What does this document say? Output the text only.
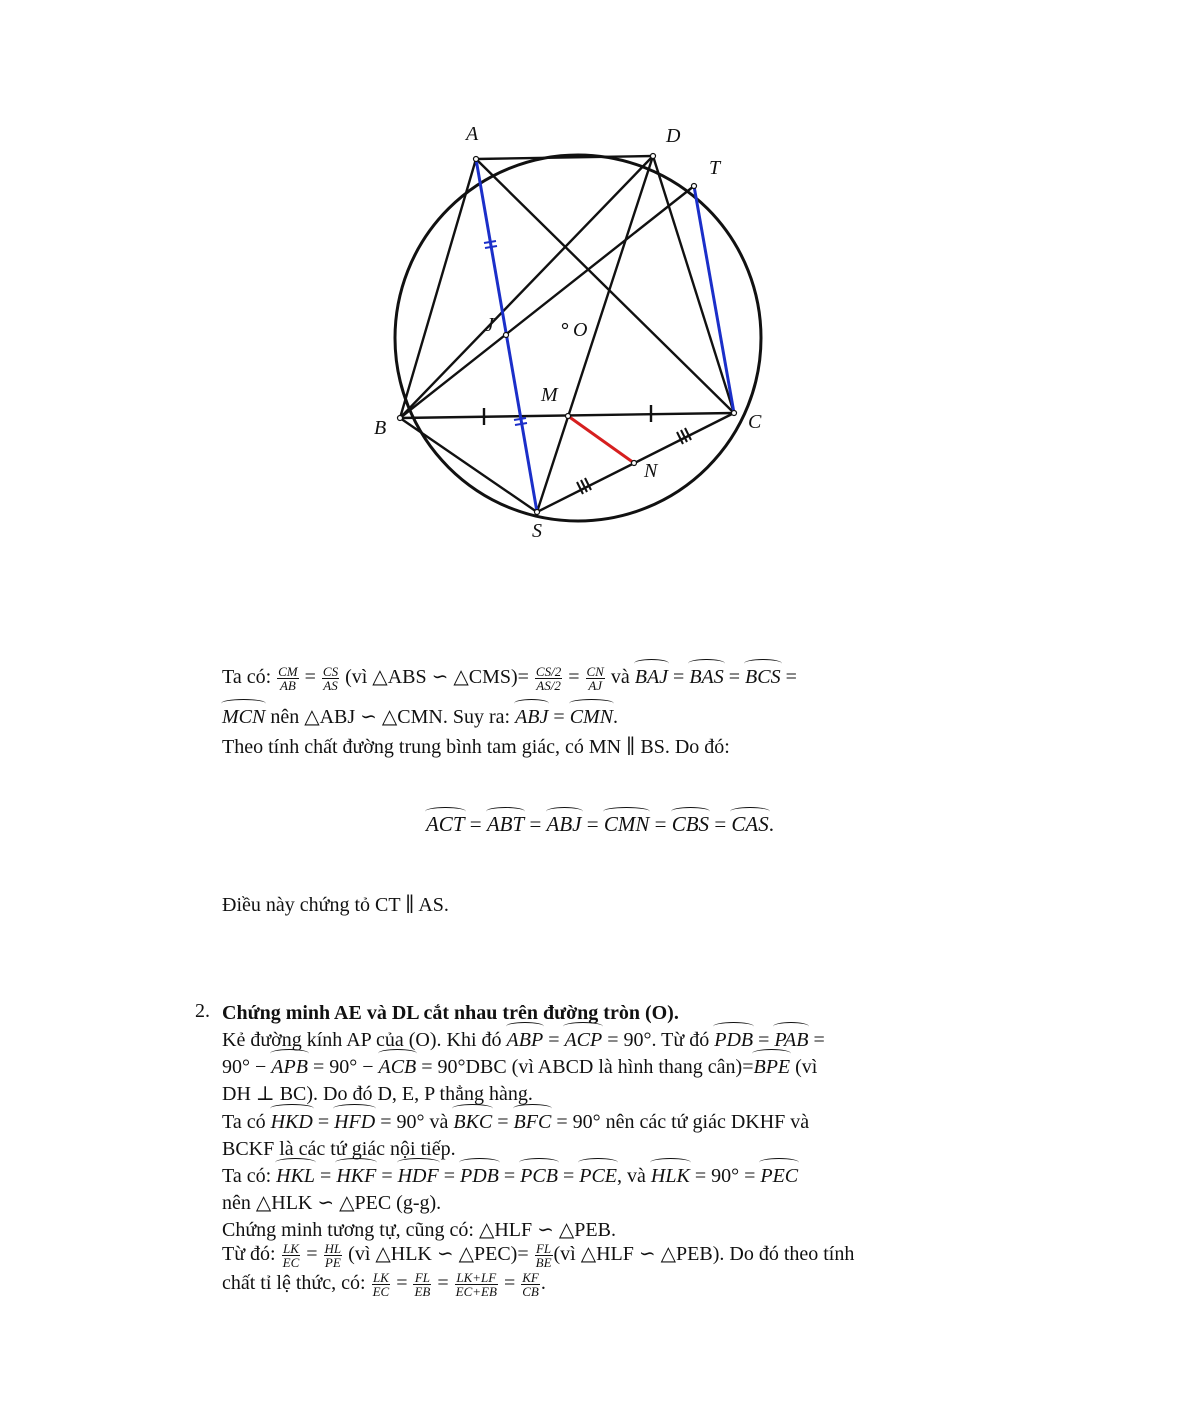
A	D
T
J	O
M
B	C
N
S
Ta có: $\frac{CM}{AB} = \frac{CS}{AS}$ (vì △ABS ∽ △CMS)= $\frac{CS/2}{AS/2} = \frac{CN}{AJ}$ và BAJ = BAS = BCS =
MCN nên △ABJ ∽ △CMN. Suy ra: ABJ = CMN.
Theo tính chất đường trung bình tam giác, có MN ∥ BS. Do đó:
ACT = ABT = ABJ = CMN = CBS = CAS.
Điều này chứng tỏ CT ∥ AS.
2. Chứng minh AE và DL cắt nhau trên đường tròn (O).
Kẻ đường kính AP của (O). Khi đó ABP = ACP = 90°. Từ đó PDB = PAB =
90° − APB = 90° − ACB = 90°DBC (vì ABCD là hình thang cân)=BPE (vì
DH ⊥ BC). Do đó D, E, P thẳng hàng.
Ta có HKD = HFD = 90° và BKC = BFC = 90° nên các tứ giác DKHF và
BCKF là các tứ giác nội tiếp.
Ta có: HKL = HKF = HDF = PDB = PCB = PCE, và HLK = 90° = PEC
nên △HLK ∽ △PEC (g-g).
Chứng minh tương tự, cũng có: △HLF ∽ △PEB.
Từ đó: $\frac{LK}{EC} = \frac{HL}{PE}$ (vì △HLK ∽ △PEC)= $\frac{FL}{BE}$ (vì △HLF ∽ △PEB). Do đó theo tính
chất tỉ lệ thức, có: $\frac{LK}{EC} = \frac{FL}{EB} = \frac{LK+LF}{EC+EB} = \frac{KF}{CB}$ .
